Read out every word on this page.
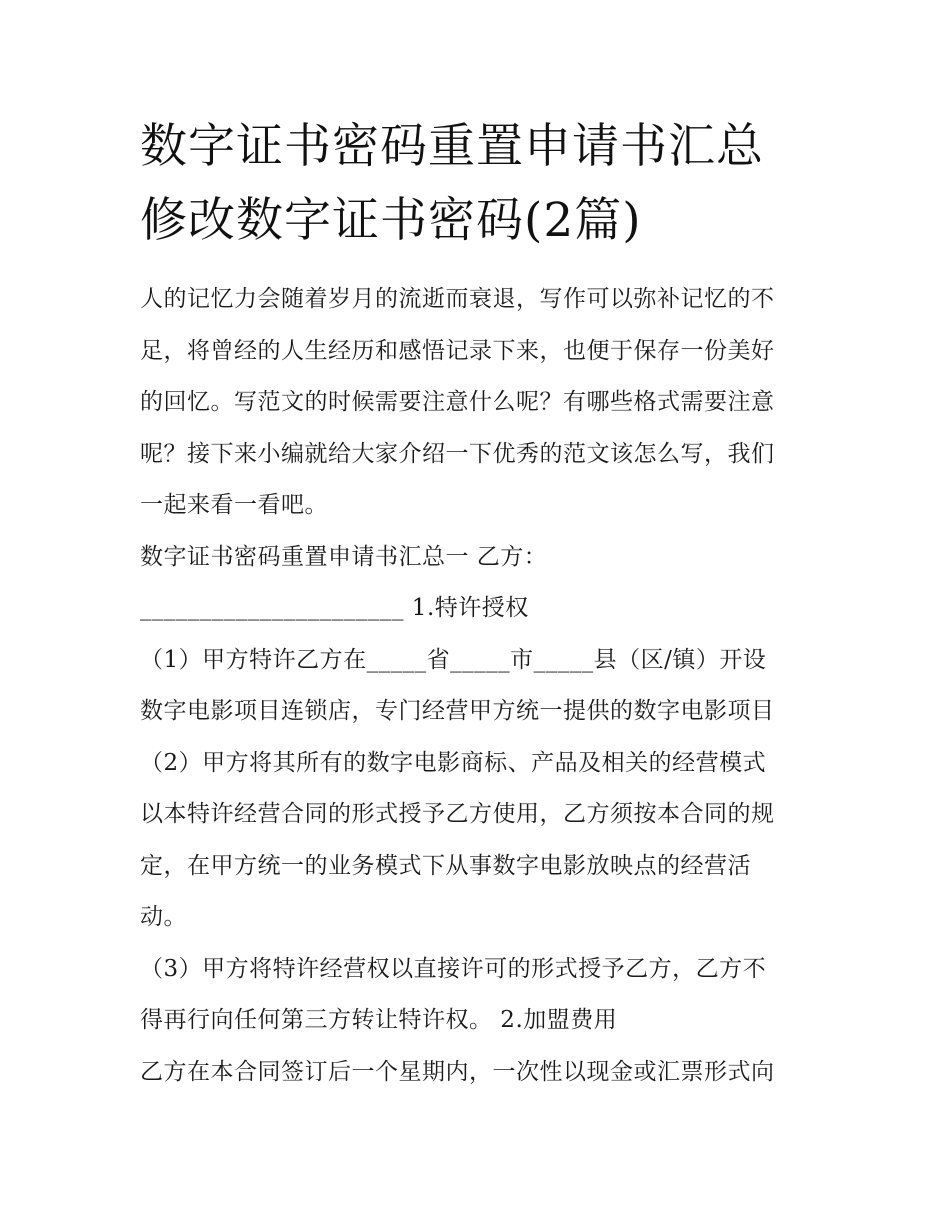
数字证书密码重置申请书汇总
修改数字证书密码(2篇)

人的记忆力会随着岁月的流逝而衰退，写作可以弥补记忆的不
足，将曾经的人生经历和感悟记录下来，也便于保存一份美好
的回忆。写范文的时候需要注意什么呢？有哪些格式需要注意
呢？接下来小编就给大家介绍一下优秀的范文该怎么写，我们
一起来看一看吧。

数字证书密码重置申请书汇总一 乙方：

______________________ 1.特许授权

（1）甲方特许乙方在_____省_____市_____县（区/镇）开设
数字电影项目连锁店，专门经营甲方统一提供的数字电影项目

（2）甲方将其所有的数字电影商标、产品及相关的经营模式
以本特许经营合同的形式授予乙方使用，乙方须按本合同的规
定，在甲方统一的业务模式下从事数字电影放映点的经营活
动。

（3）甲方将特许经营权以直接许可的形式授予乙方，乙方不
得再行向任何第三方转让特许权。 2.加盟费用

乙方在本合同签订后一个星期内，一次性以现金或汇票形式向
